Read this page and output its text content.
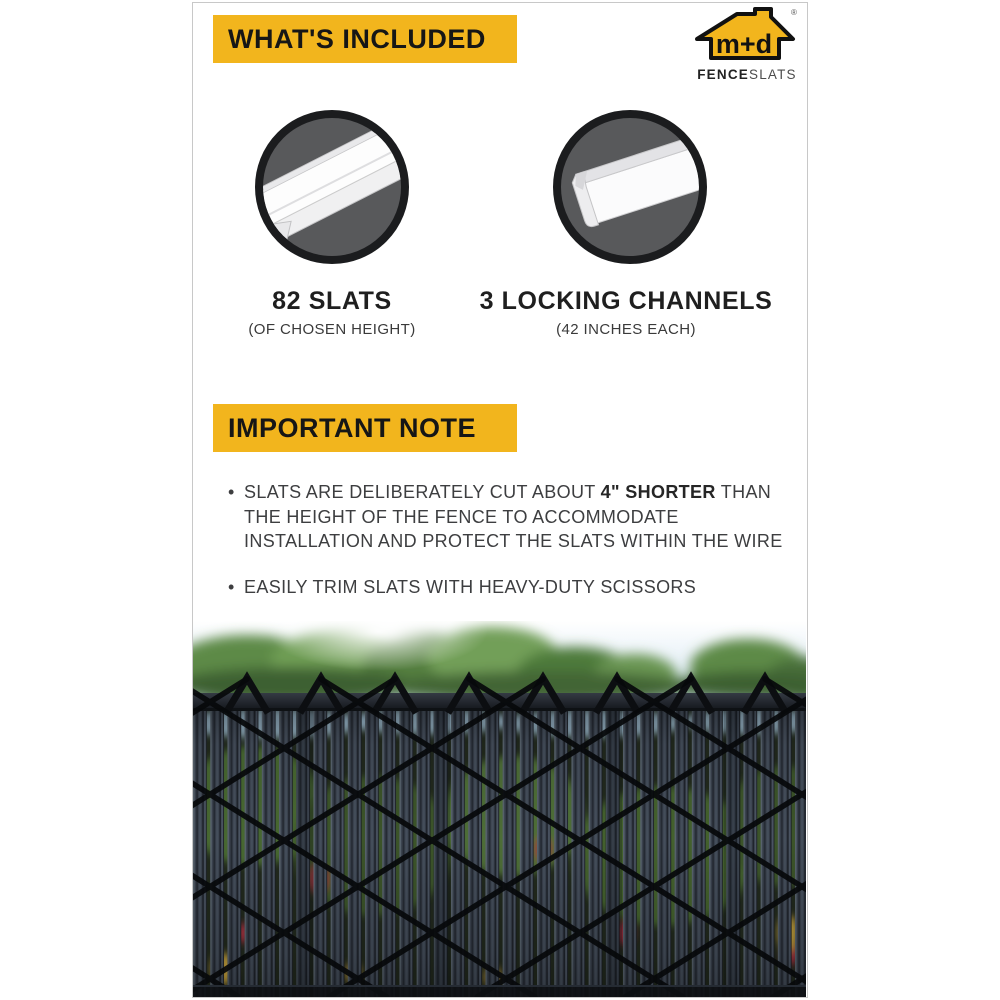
WHAT'S INCLUDED	m+d
®
FENCESLATS
82 SLATS
(OF CHOSEN HEIGHT)
3 LOCKING CHANNELS
(42 INCHES EACH)
IMPORTANT NOTE
• SLATS ARE DELIBERATELY CUT ABOUT 4" SHORTER THAN THE HEIGHT OF THE FENCE TO ACCOMMODATE INSTALLATION AND PROTECT THE SLATS WITHIN THE WIRE
• EASILY TRIM SLATS WITH HEAVY-DUTY SCISSORS
